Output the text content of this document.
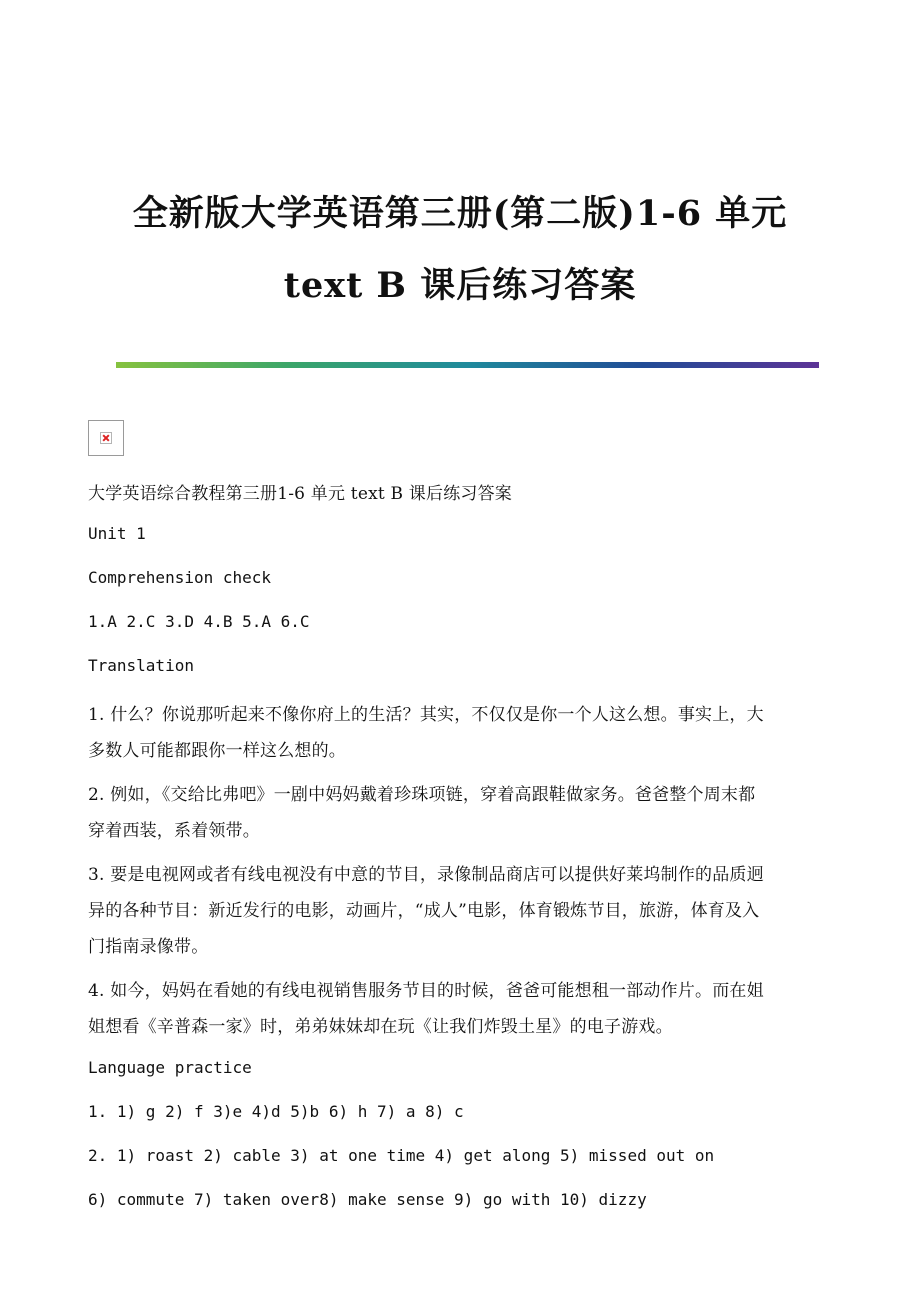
全新版大学英语第三册(第二版)1-6 单元
text B 课后练习答案
大学英语综合教程第三册1-6 单元 text B 课后练习答案
Unit 1
Comprehension check
1.A 2.C 3.D 4.B 5.A 6.C
Translation
1. 什么？你说那听起来不像你府上的生活？其实，不仅仅是你一个人这么想。事实上，大
多数人可能都跟你一样这么想的。
2. 例如，《交给比弗吧》一剧中妈妈戴着珍珠项链，穿着高跟鞋做家务。爸爸整个周末都
穿着西装，系着领带。
3. 要是电视网或者有线电视没有中意的节目，录像制品商店可以提供好莱坞制作的品质迥
异的各种节目：新近发行的电影，动画片，“成人”电影，体育锻炼节目，旅游，体育及入
门指南录像带。
4. 如今，妈妈在看她的有线电视销售服务节目的时候，爸爸可能想租一部动作片。而在姐
姐想看《辛普森一家》时，弟弟妹妹却在玩《让我们炸毁土星》的电子游戏。
Language practice
1. 1) g 2) f 3)e 4)d 5)b 6) h 7) a 8) c
2. 1) roast 2) cable 3) at one time 4) get along 5) missed out on
6) commute 7) taken over8) make sense 9) go with 10) dizzy
